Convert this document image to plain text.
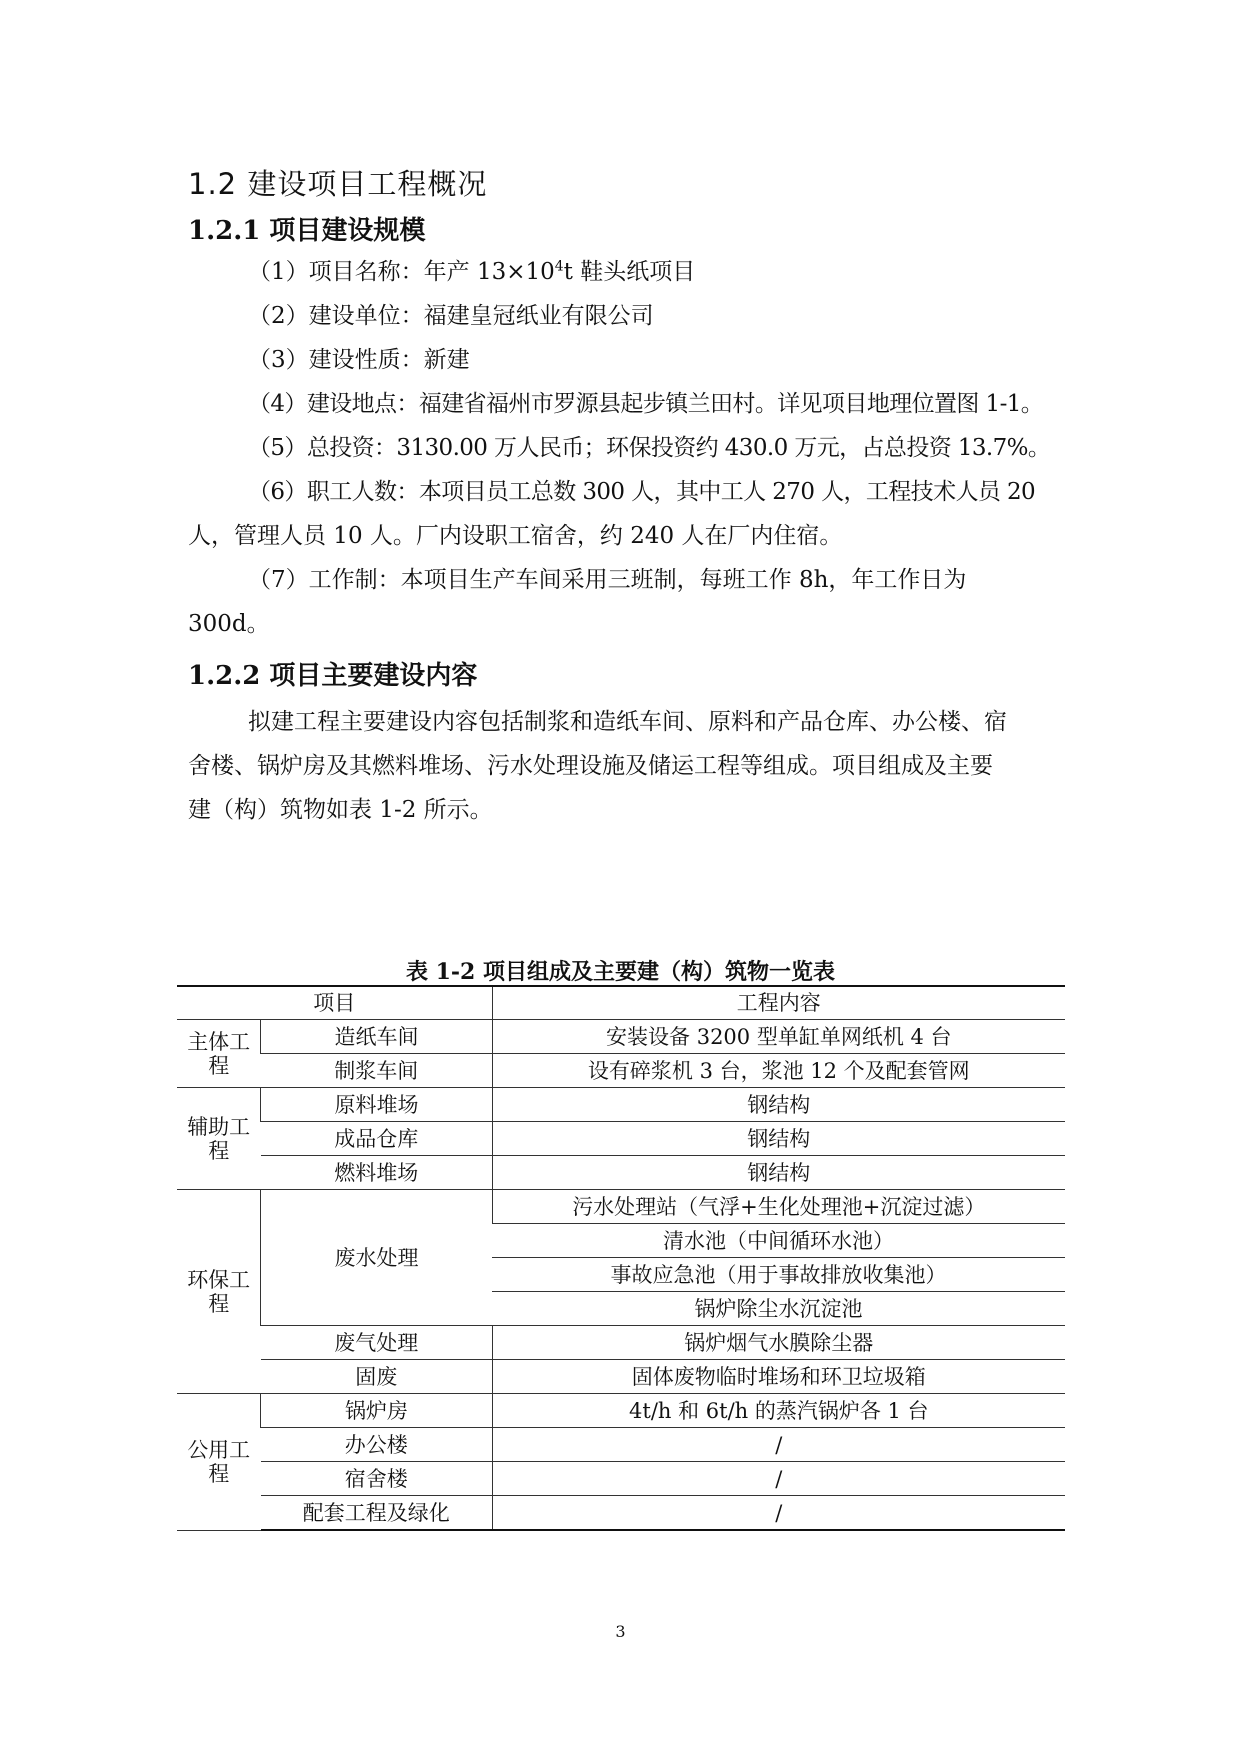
1.2 建设项目工程概况
1.2.1 项目建设规模

（1）项目名称：年产 $13\times 10^4t$ 鞋头纸项目

（2）建设单位：福建皇冠纸业有限公司

（3）建设性质：新建

（4）建设地点：福建省福州市罗源县起步镇兰田村。详见项目地理位置图 1-1。

（5）总投资：3130.00 万人民币；环保投资约 430.0 万元，占总投资 13.7%。

（6）职工人数：本项目员工总数 300 人，其中工人 270 人，工程技术人员 20

人，管理人员 10 人。厂内设职工宿舍，约 240 人在厂内住宿。

（7）工作制：本项目生产车间采用三班制，每班工作 8h，年工作日为

300d。

1.2.2 项目主要建设内容

拟建工程主要建设内容包括制浆和造纸车间、原料和产品仓库、办公楼、宿

舍楼、锅炉房及其燃料堆场、污水处理设施及储运工程等组成。项目组成及主要

建（构）筑物如表 1-2 所示。

表 1-2 项目组成及主要建（构）筑物一览表

项目		工程内容
主体工
程	造纸车间	安装设备 3200 型单缸单网纸机 4 台
	制浆车间	设有碎浆机 3 台，浆池 12 个及配套管网
辅助工
程	原料堆场	钢结构
	成品仓库	钢结构
	燃料堆场	钢结构
环保工
程	废水处理	污水处理站（气浮+生化处理池+沉淀过滤）
		清水池（中间循环水池）
		事故应急池（用于事故排放收集池）
		锅炉除尘水沉淀池
	废气处理	锅炉烟气水膜除尘器
	固废	固体废物临时堆场和环卫垃圾箱
公用工
程	锅炉房	4t/h 和 6t/h 的蒸汽锅炉各 1 台
	办公楼	/
	宿舍楼	/
	配套工程及绿化	/

3
